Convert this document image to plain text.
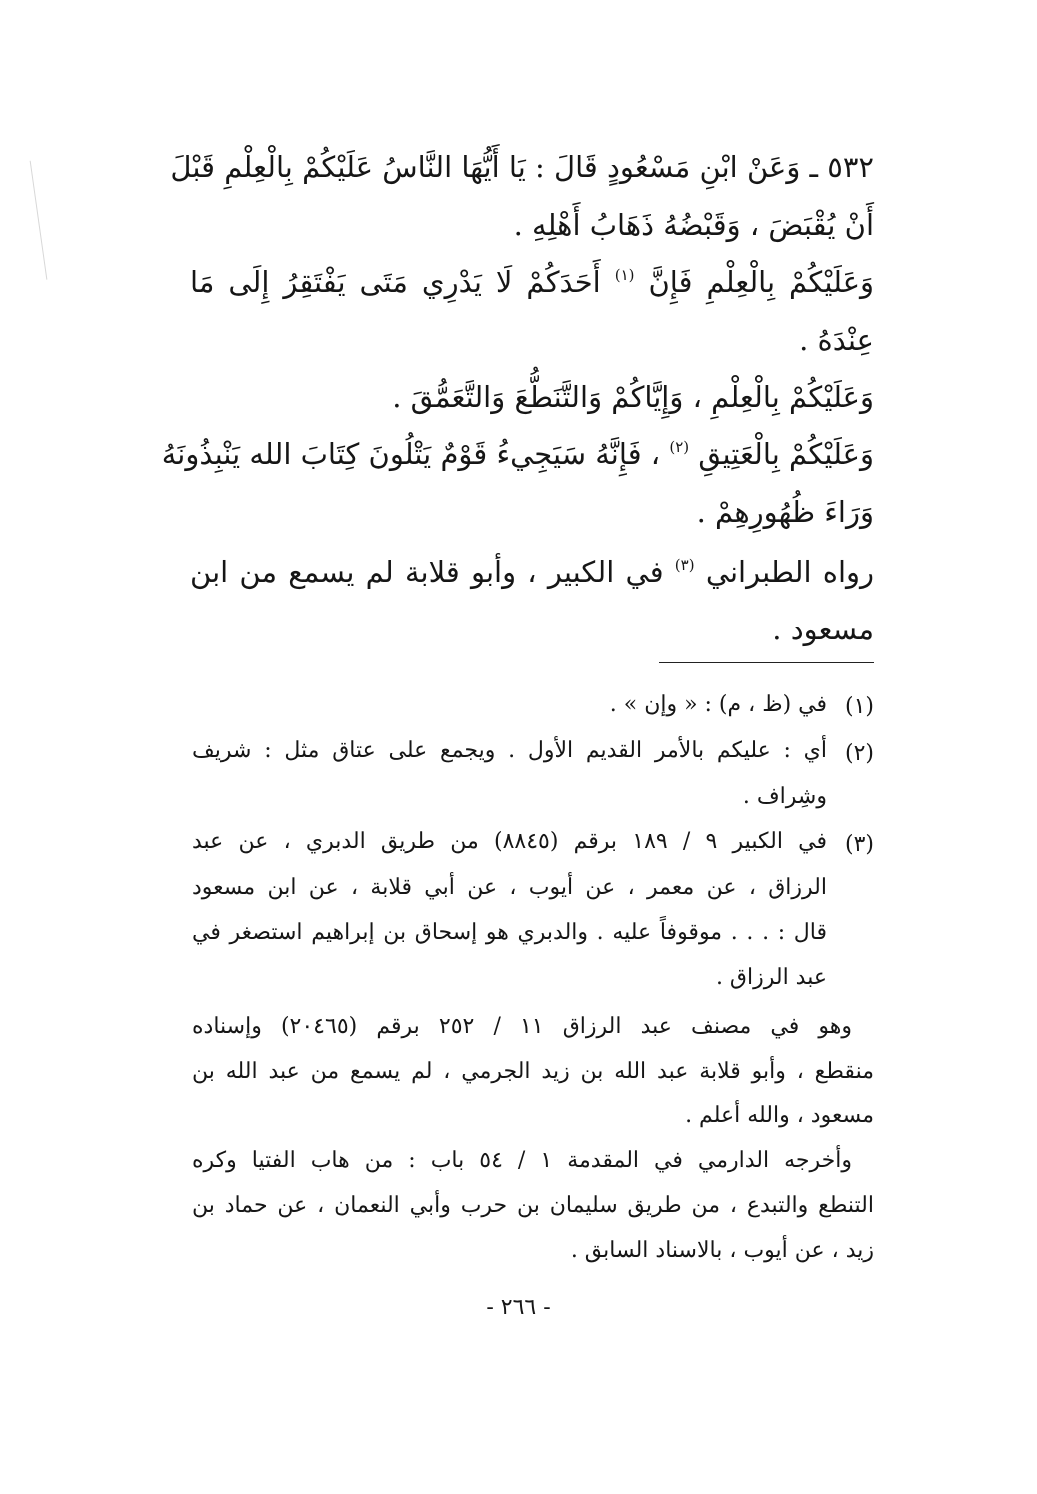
٥٣٢ ـ وَعَنْ ابْنِ مَسْعُودٍ قَالَ : يَا أَيُّهَا النَّاسُ عَلَيْكُمْ بِالْعِلْمِ قَبْلَ
أَنْ يُقْبَضَ ، وَقَبْضُهُ ذَهَابُ أَهْلِهِ .
وَعَلَيْكُمْ بِالْعِلْمِ فَإِنَّ $^{(١)}$ أَحَدَكُمْ لَا يَدْرِي مَتَى يَفْتَقِرُ إِلَى مَا
عِنْدَهُ .
وَعَلَيْكُمْ بِالْعِلْمِ ، وَإِيَّاكُمْ وَالتَّنَطُّعَ وَالتَّعَمُّقَ .
وَعَلَيْكُمْ بِالْعَتِيقِ $^{(٢)}$ ، فَإِنَّهُ سَيَجِيءُ قَوْمٌ يَتْلُونَ كِتَابَ الله يَنْبِذُونَهُ
وَرَاءَ ظُهُورِهِمْ .
رواه الطبراني $^{(٣)}$ في الكبير ، وأبو قلابة لم يسمع من ابن
مسعود .
(١)
في (ظ ، م) : « وإن » .
(٢)
أي : عليكم بالأمر القديم الأول . ويجمع على عتاق مثل : شريف
وشِراف .
(٣)
في الكبير ٩ / ١٨٩ برقم (٨٨٤٥) من طريق الدبري ، عن عبد
الرزاق ، عن معمر ، عن أيوب ، عن أبي قلابة ، عن ابن مسعود
قال : . . . موقوفاً عليه . والدبري هو إسحاق بن إبراهيم استصغر في
عبد الرزاق .
وهو في مصنف عبد الرزاق ١١ / ٢٥٢ برقم (٢٠٤٦٥) وإسناده
منقطع ، وأبو قلابة عبد الله بن زيد الجرمي ، لم يسمع من عبد الله بن
مسعود ، والله أعلم .
وأخرجه الدارمي في المقدمة ١ / ٥٤ باب : من هاب الفتيا وكره
التنطع والتبدع ، من طريق سليمان بن حرب وأبي النعمان ، عن حماد بن
زيد ، عن أيوب ، بالاسناد السابق .
- ٢٦٦ -
